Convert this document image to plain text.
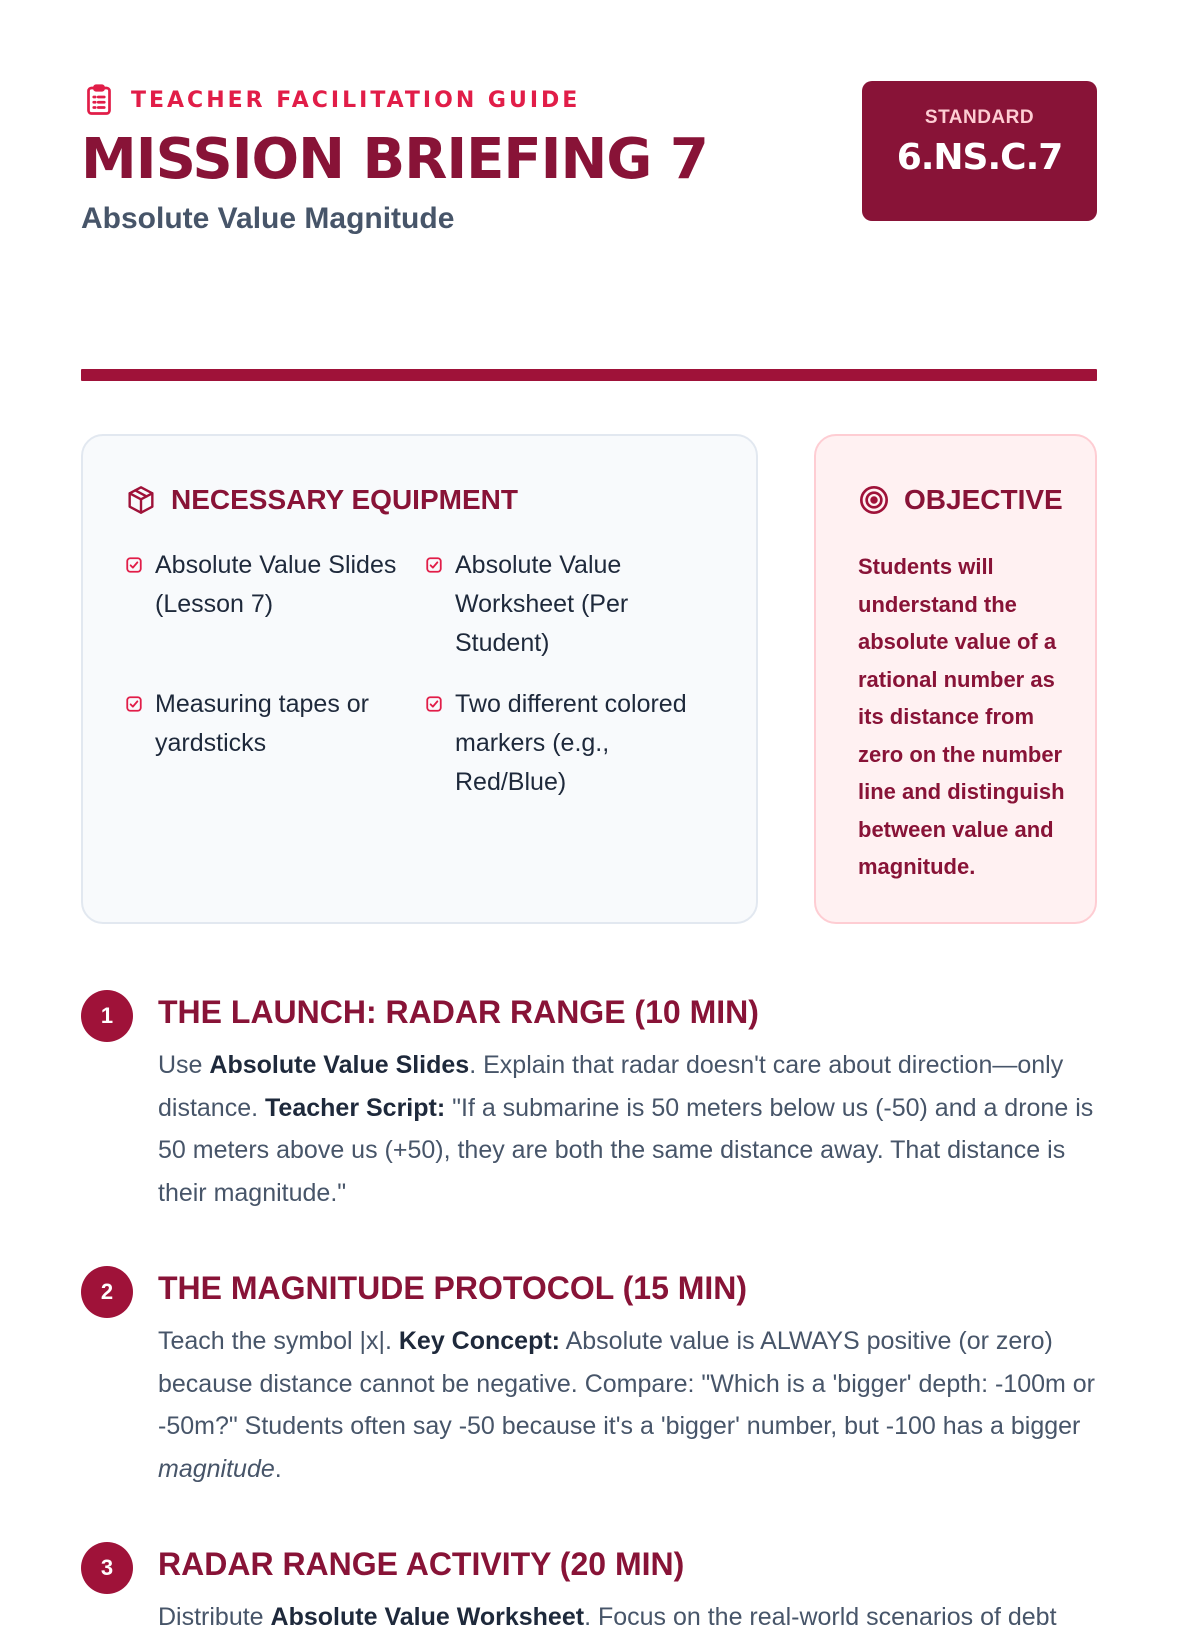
TEACHER FACILITATION GUIDE
MISSION BRIEFING 7
Absolute Value Magnitude
STANDARD
6.NS.C.7
NECESSARY EQUIPMENT
Absolute Value Slides (Lesson 7)
Absolute Value Worksheet (Per Student)
Measuring tapes or yardsticks
Two different colored markers (e.g., Red/Blue)
OBJECTIVE

Students will understand the absolute value of a rational number as its distance from zero on the number line and distinguish between value and magnitude.

1	THE LAUNCH: RADAR RANGE (10 MIN)

Use Absolute Value Slides. Explain that radar doesn't care about direction—only distance. Teacher Script: "If a submarine is 50 meters below us (-50) and a drone is 50 meters above us (+50), they are both the same distance away. That distance is their magnitude."

2	THE MAGNITUDE PROTOCOL (15 MIN)

Teach the symbol |x|. Key Concept: Absolute value is ALWAYS positive (or zero) because distance cannot be negative. Compare: "Which is a 'bigger' depth: -100m or -50m?" Students often say -50 because it's a 'bigger' number, but -100 has a bigger magnitude.

3	RADAR RANGE ACTIVITY (20 MIN)

Distribute Absolute Value Worksheet. Focus on the real-world scenarios of debt
